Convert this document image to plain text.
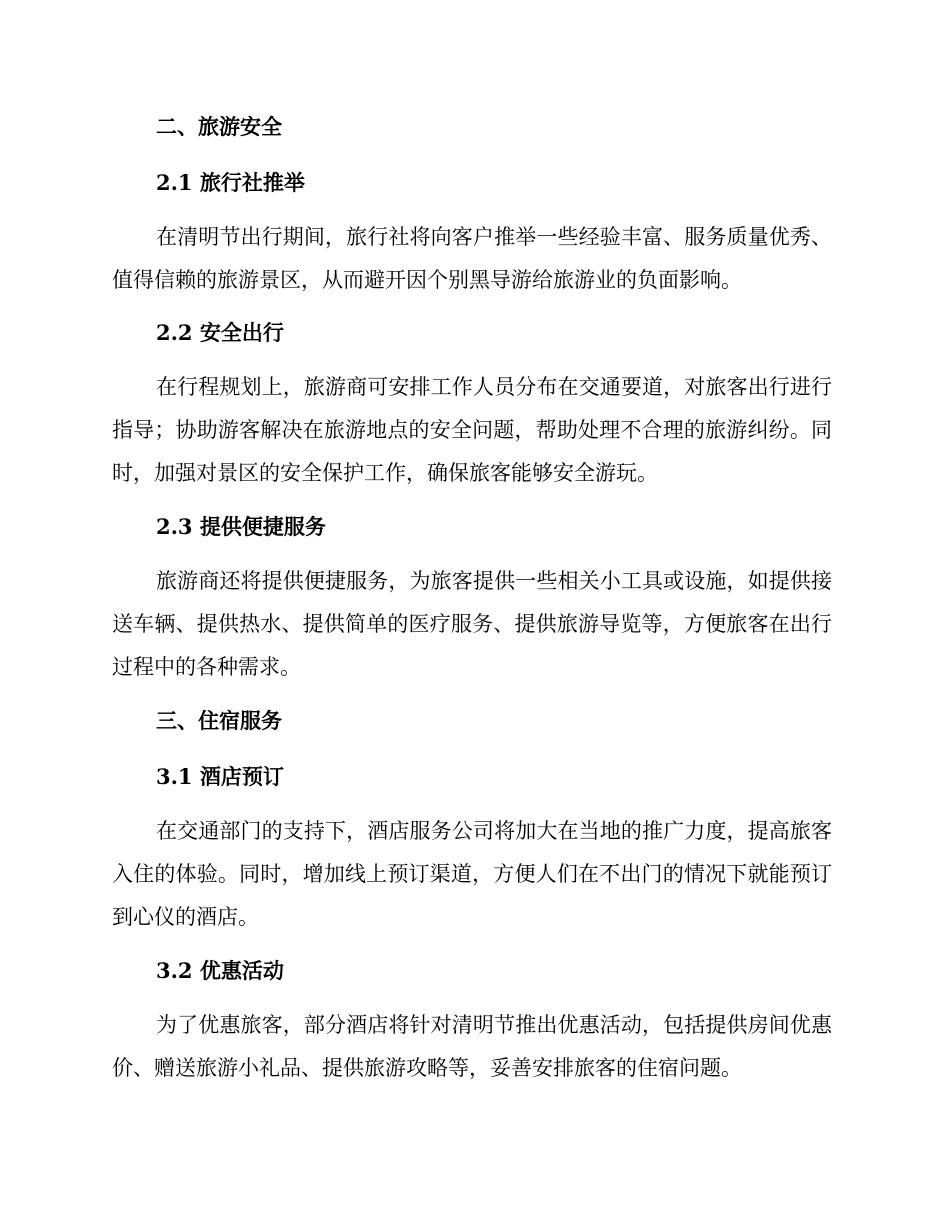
二、旅游安全
2.1 旅行社推举

在清明节出行期间，旅行社将向客户推举一些经验丰富、服务质量优秀、值得信赖的旅游景区，从而避开因个别黑导游给旅游业的负面影响。

2.2 安全出行

在行程规划上，旅游商可安排工作人员分布在交通要道，对旅客出行进行指导；协助游客解决在旅游地点的安全问题，帮助处理不合理的旅游纠纷。同时，加强对景区的安全保护工作，确保旅客能够安全游玩。

2.3 提供便捷服务

旅游商还将提供便捷服务，为旅客提供一些相关小工具或设施，如提供接送车辆、提供热水、提供简单的医疗服务、提供旅游导览等，方便旅客在出行过程中的各种需求。

三、住宿服务
3.1 酒店预订

在交通部门的支持下，酒店服务公司将加大在当地的推广力度，提高旅客入住的体验。同时，增加线上预订渠道，方便人们在不出门的情况下就能预订到心仪的酒店。

3.2 优惠活动

为了优惠旅客，部分酒店将针对清明节推出优惠活动，包括提供房间优惠价、赠送旅游小礼品、提供旅游攻略等，妥善安排旅客的住宿问题。
